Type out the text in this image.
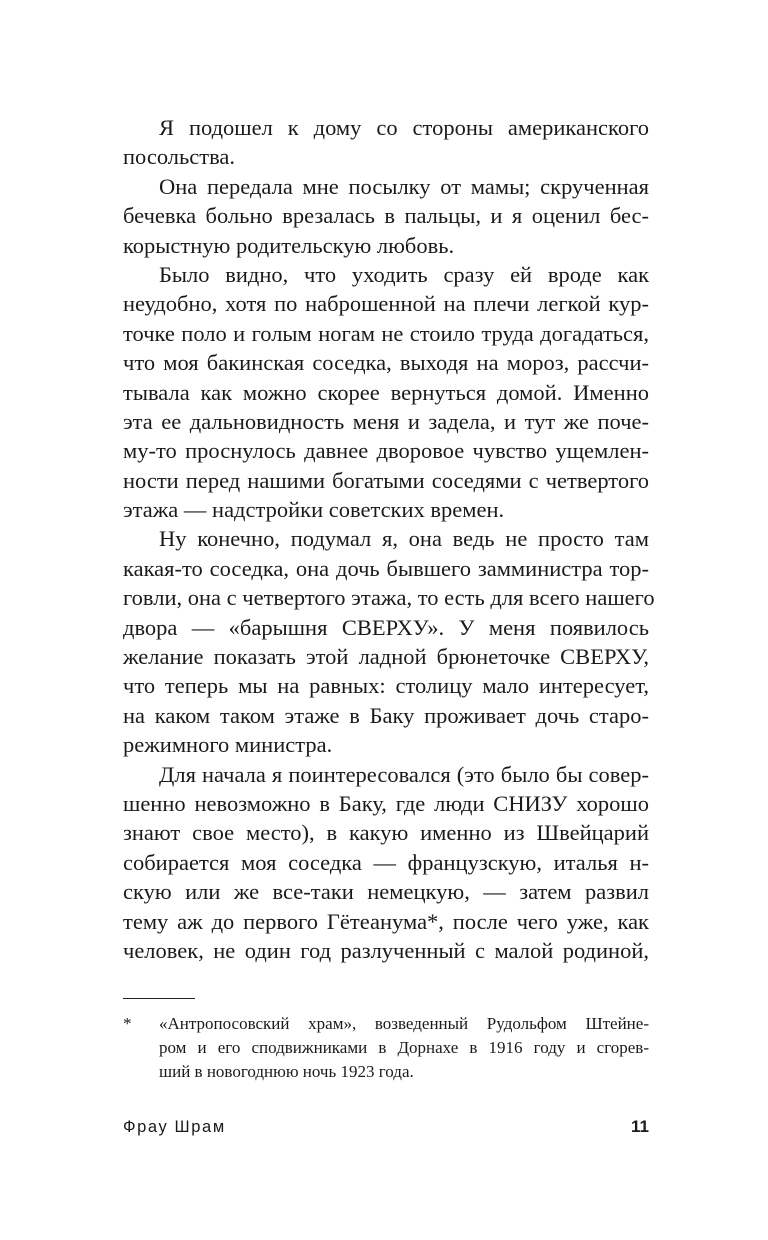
Я подошел к дому со стороны американского
посольства.
Она передала мне посылку от мамы; скрученная
бечевка больно врезалась в пальцы, и я оценил бес-
корыстную родительскую любовь.
Было видно, что уходить сразу ей вроде как
неудобно, хотя по наброшенной на плечи легкой кур-
точке поло и голым ногам не стоило труда догадаться,
что моя бакинская соседка, выходя на мороз, рассчи-
тывала как можно скорее вернуться домой. Именно
эта ее дальновидность меня и задела, и тут же поче-
му-то проснулось давнее дворовое чувство ущемлен-
ности перед нашими богатыми соседями с четвертого
этажа — надстройки советских времен.
Ну конечно, подумал я, она ведь не просто там
какая-то соседка, она дочь бывшего замминистра тор-
говли, она с четвертого этажа, то есть для всего нашего
двора — «барышня СВЕРХУ». У меня появилось
желание показать этой ладной брюнеточке СВЕРХУ,
что теперь мы на равных: столицу мало интересует,
на каком таком этаже в Баку проживает дочь старо-
режимного министра.
Для начала я поинтересовался (это было бы совер-
шенно невозможно в Баку, где люди СНИЗУ хорошо
знают свое место), в какую именно из Швейцарий
собирается моя соседка — французскую, италья н-
скую или же все-таки немецкую, — затем развил
тему аж до первого Гётеанума*, после чего уже, как
человек, не один год разлученный с малой родиной,
* «Антропосовский храм», возведенный Рудольфом Штейне-
ром и его сподвижниками в Дорнахе в 1916 году и сгорев-
ший в новогоднюю ночь 1923 года.
Фрау Шрам	11
